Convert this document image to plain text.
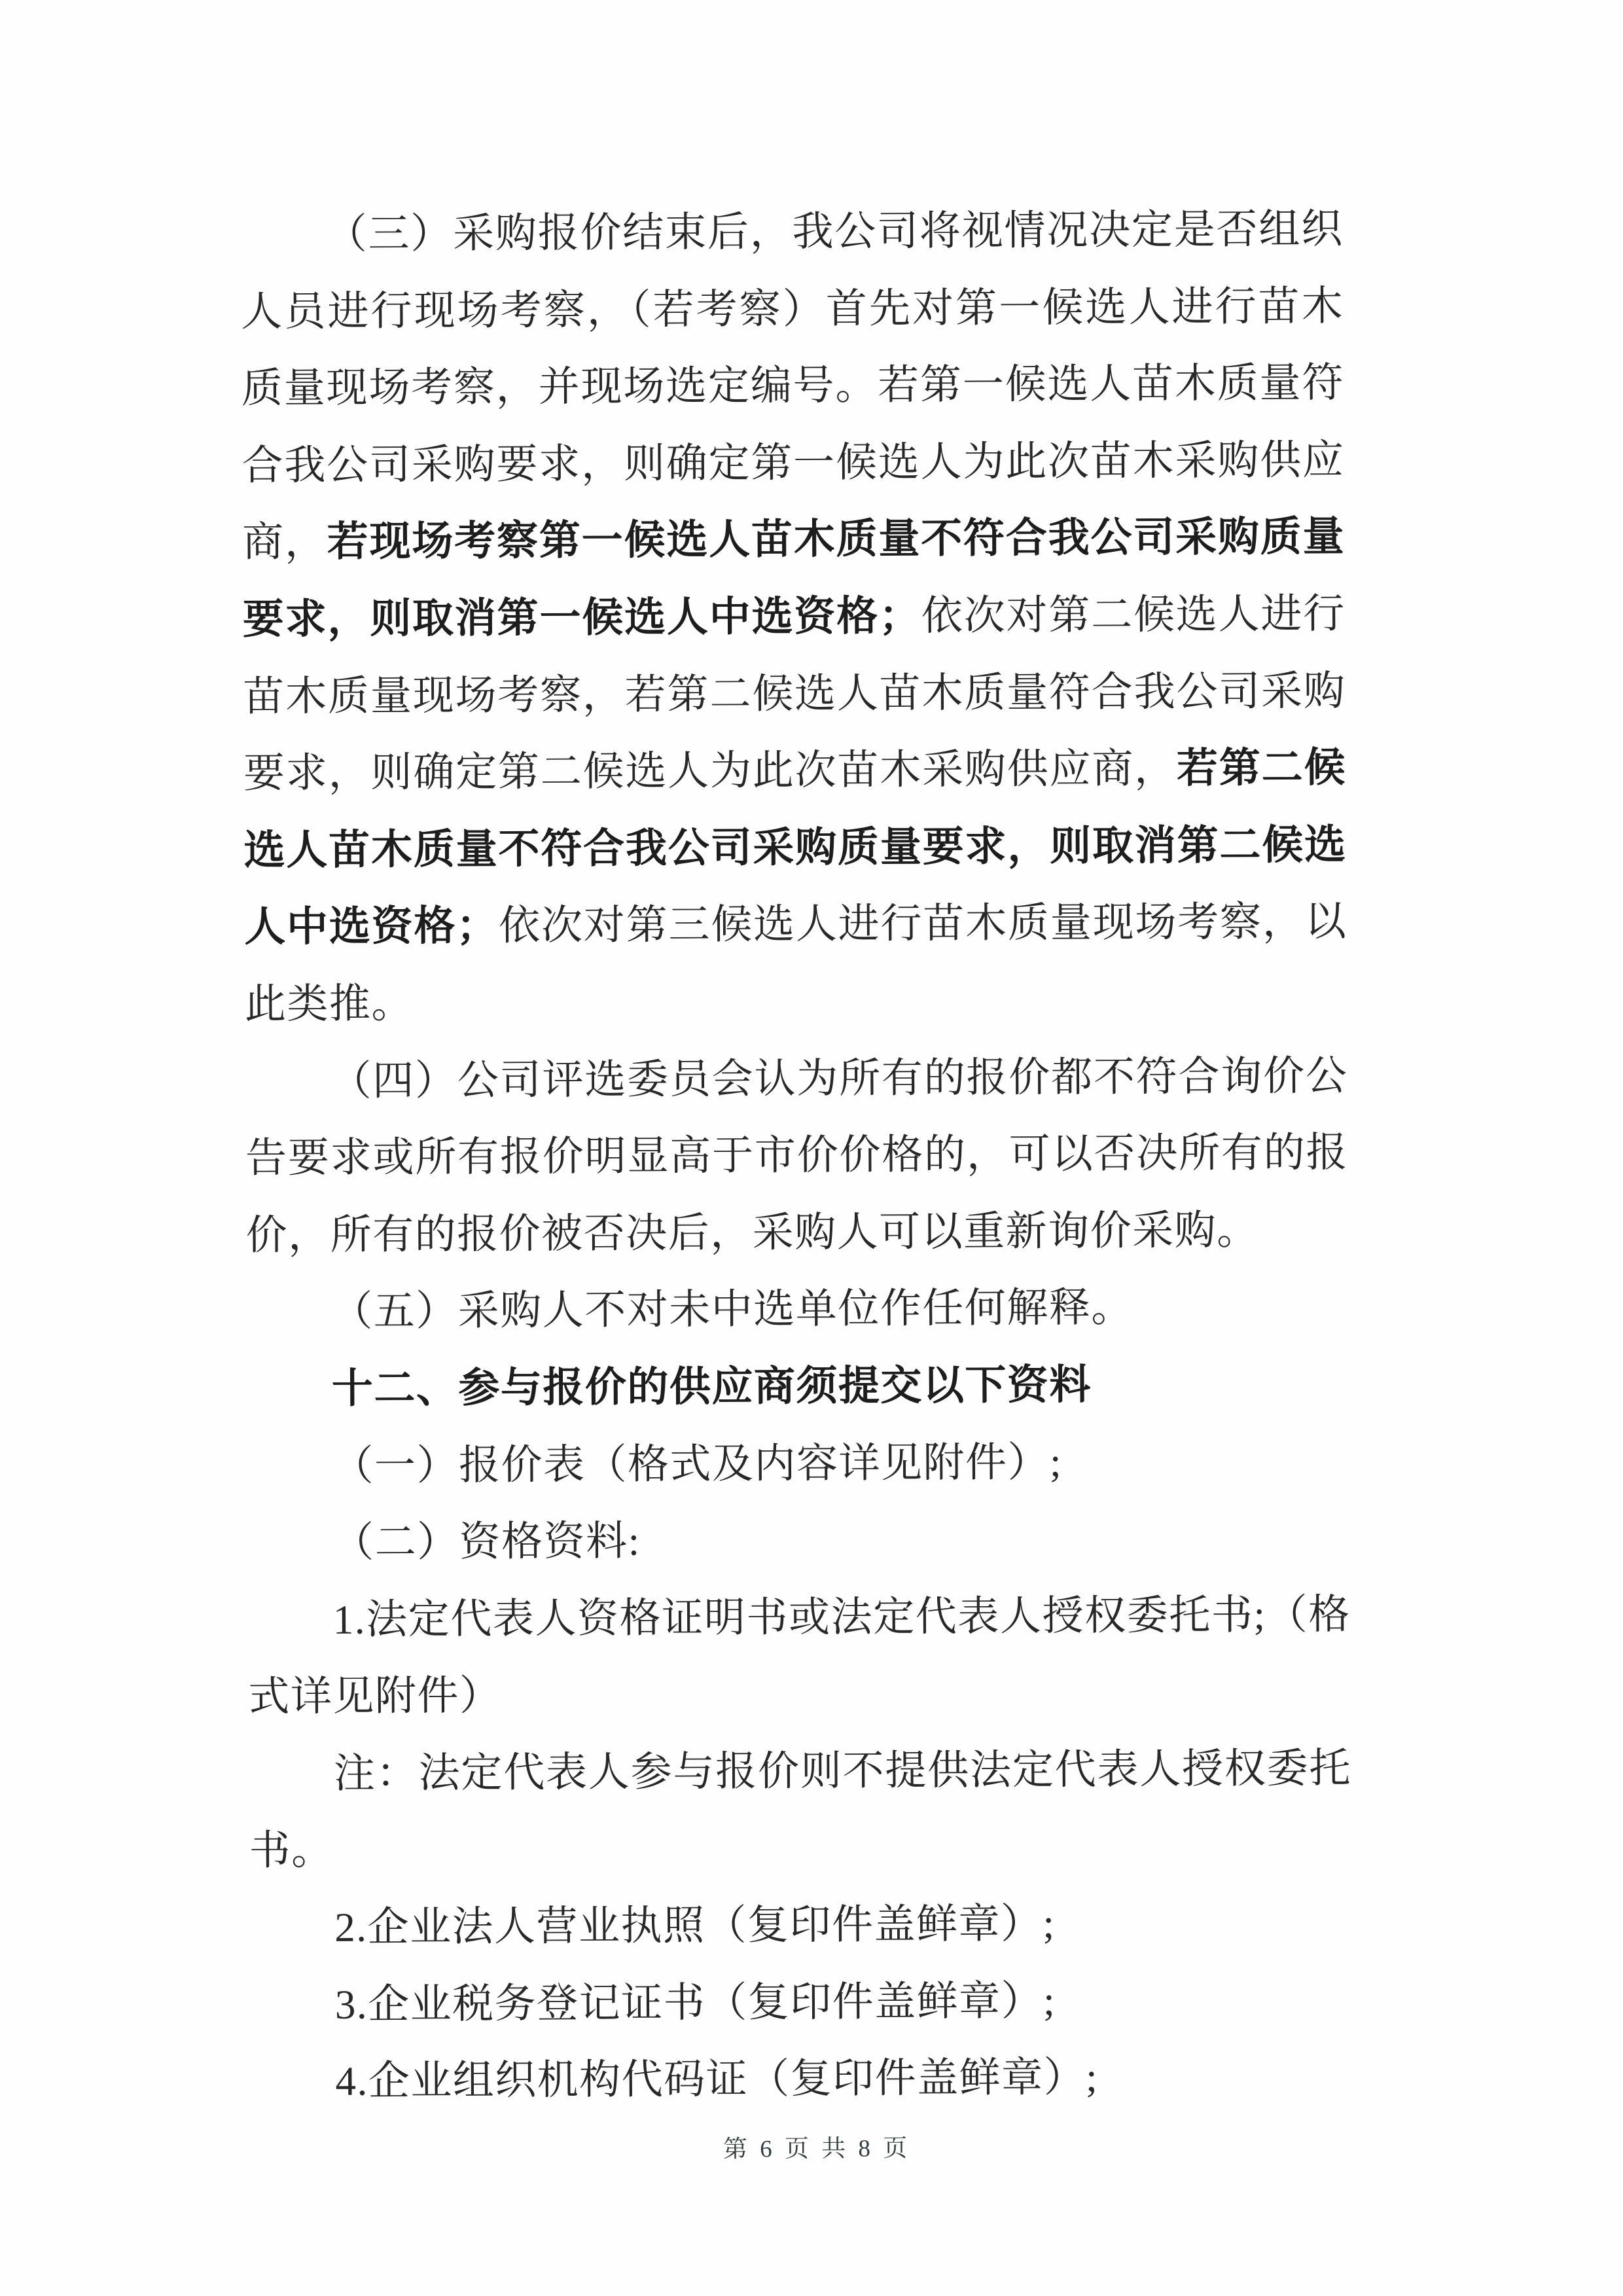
（三）采购报价结束后，我公司将视情况决定是否组织
人员进行现场考察，（若考察）首先对第一候选人进行苗木
质量现场考察，并现场选定编号。若第一候选人苗木质量符
合我公司采购要求，则确定第一候选人为此次苗木采购供应
商，若现场考察第一候选人苗木质量不符合我公司采购质量
要求，则取消第一候选人中选资格；依次对第二候选人进行
苗木质量现场考察，若第二候选人苗木质量符合我公司采购
要求，则确定第二候选人为此次苗木采购供应商，若第二候
选人苗木质量不符合我公司采购质量要求，则取消第二候选
人中选资格；依次对第三候选人进行苗木质量现场考察，以
此类推。
（四）公司评选委员会认为所有的报价都不符合询价公
告要求或所有报价明显高于市价价格的，可以否决所有的报
价，所有的报价被否决后，采购人可以重新询价采购。
（五）采购人不对未中选单位作任何解释。
十二、参与报价的供应商须提交以下资料
（一）报价表（格式及内容详见附件）;
（二）资格资料:
1.法定代表人资格证明书或法定代表人授权委托书;（格
式详见附件）
注：法定代表人参与报价则不提供法定代表人授权委托
书。
2.企业法人营业执照（复印件盖鲜章）;
3.企业税务登记证书（复印件盖鲜章）;
4.企业组织机构代码证（复印件盖鲜章）;
第 6 页 共 8 页
